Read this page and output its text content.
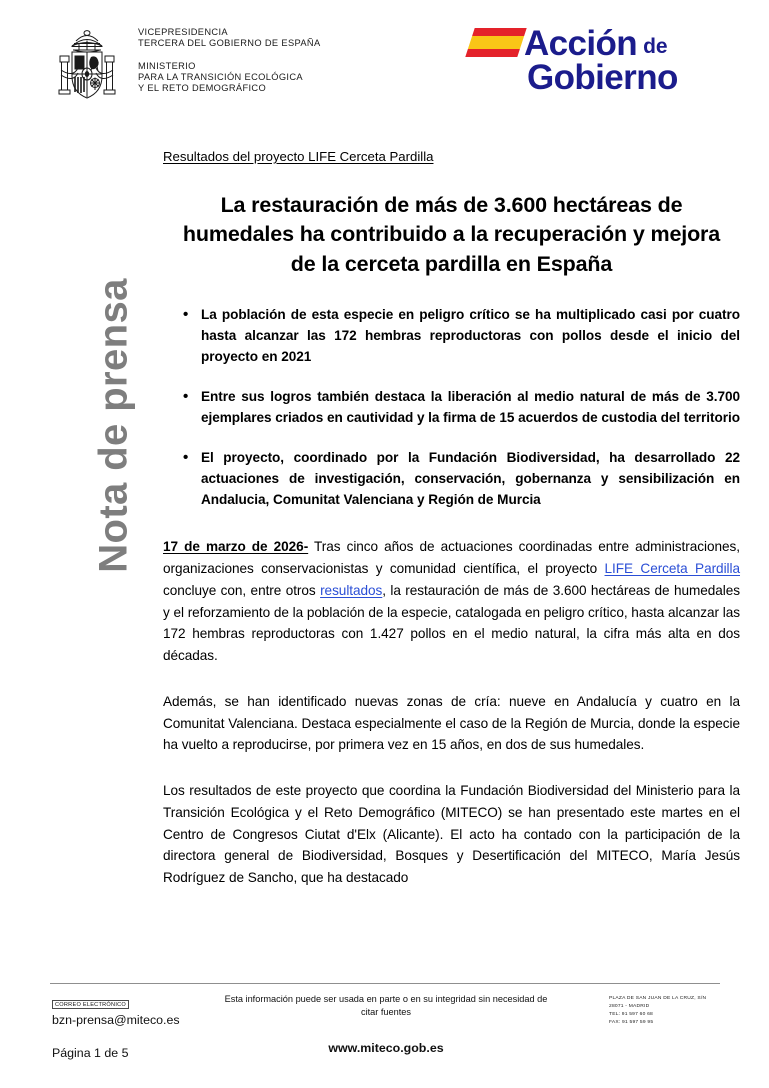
VICEPRESIDENCIA
TERCERA DEL GOBIERNO DE ESPAÑA
MINISTERIO
PARA LA TRANSICIÓN ECOLÓGICA
Y EL RETO DEMOGRÁFICO
Acción de
Gobierno
Nota de prensa
Resultados del proyecto LIFE Cerceta Pardilla
La restauración de más de 3.600 hectáreas de humedales ha contribuido a la recuperación y mejora de la cerceta pardilla en España
• La población de esta especie en peligro crítico se ha multiplicado casi por cuatro hasta alcanzar las 172 hembras reproductoras con pollos desde el inicio del proyecto en 2021
• Entre sus logros también destaca la liberación al medio natural de más de 3.700 ejemplares criados en cautividad y la firma de 15 acuerdos de custodia del territorio
• El proyecto, coordinado por la Fundación Biodiversidad, ha desarrollado 22 actuaciones de investigación, conservación, gobernanza y sensibilización en Andalucia, Comunitat Valenciana y Región de Murcia

17 de marzo de 2026- Tras cinco años de actuaciones coordinadas entre administraciones, organizaciones conservacionistas y comunidad científica, el proyecto LIFE Cerceta Pardilla concluye con, entre otros resultados, la restauración de más de 3.600 hectáreas de humedales y el reforzamiento de la población de la especie, catalogada en peligro crítico, hasta alcanzar las 172 hembras reproductoras con 1.427 pollos en el medio natural, la cifra más alta en dos décadas.

Además, se han identificado nuevas zonas de cría: nueve en Andalucía y cuatro en la Comunitat Valenciana. Destaca especialmente el caso de la Región de Murcia, donde la especie ha vuelto a reproducirse, por primera vez en 15 años, en dos de sus humedales.

Los resultados de este proyecto que coordina la Fundación Biodiversidad del Ministerio para la Transición Ecológica y el Reto Demográfico (MITECO) se han presentado este martes en el Centro de Congresos Ciutat d'Elx (Alicante). El acto ha contado con la participación de la directora general de Biodiversidad, Bosques y Desertificación del MITECO, María Jesús Rodríguez de Sancho, que ha destacado

CORREO ELECTRÓNICO
bzn-prensa@miteco.es
Página 1 de 5
Esta información puede ser usada en parte o en su integridad sin necesidad de citar fuentes
www.miteco.gob.es
PLAZA DE SAN JUAN DE LA CRUZ, S/N
28071 - MADRID
TEL: 91 597 60 68
FAX: 91 597 59 95
